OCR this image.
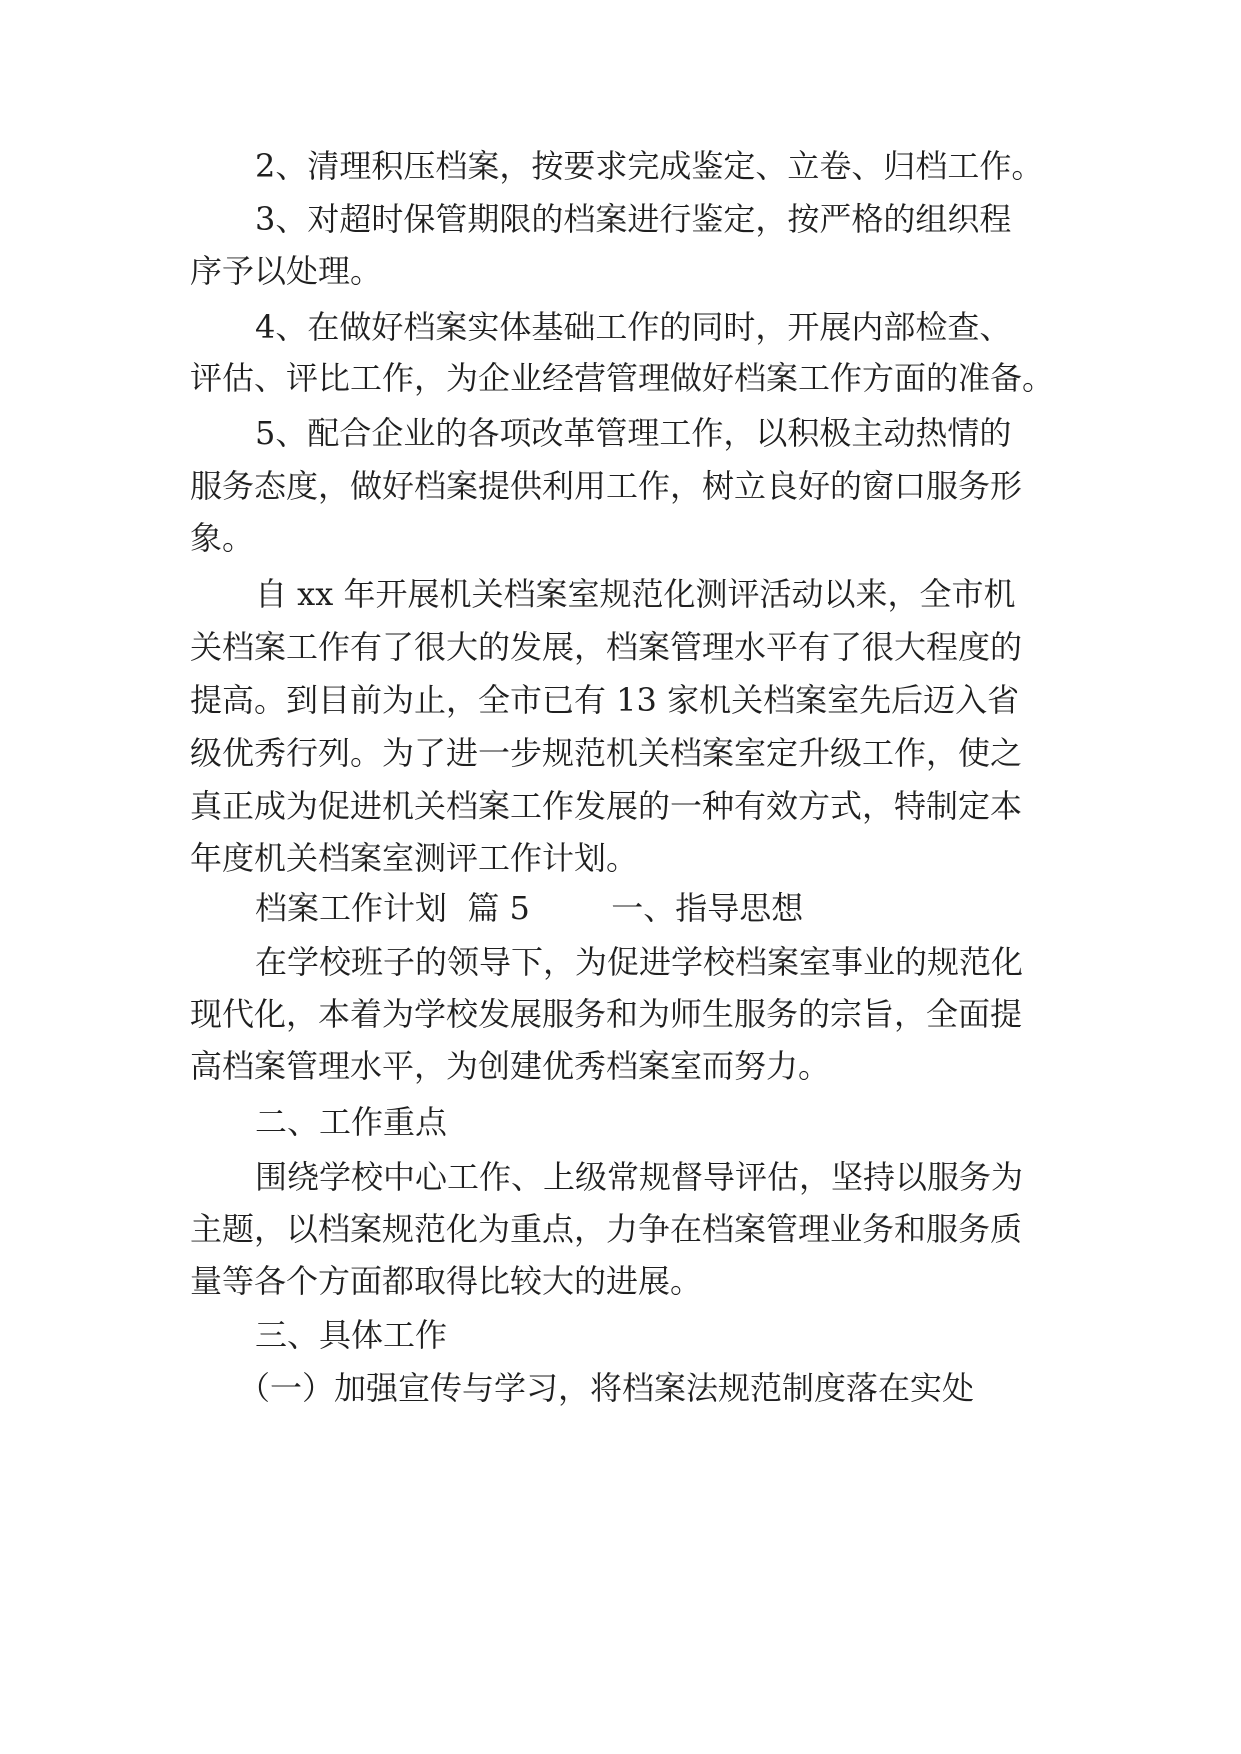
2、清理积压档案，按要求完成鉴定、立卷、归档工作。

3、对超时保管期限的档案进行鉴定，按严格的组织程

序予以处理。

4、在做好档案实体基础工作的同时，开展内部检查、

评估、评比工作，为企业经营管理做好档案工作方面的准备。

5、配合企业的各项改革管理工作，以积极主动热情的

服务态度，做好档案提供利用工作，树立良好的窗口服务形

象。

自 xx 年开展机关档案室规范化测评活动以来，全市机

关档案工作有了很大的发展，档案管理水平有了很大程度的

提高。到目前为止，全市已有 13 家机关档案室先后迈入省

级优秀行列。为了进一步规范机关档案室定升级工作，使之

真正成为促进机关档案工作发展的一种有效方式，特制定本

年度机关档案室测评工作计划。

档案工作计划  篇 5        一、指导思想

在学校班子的领导下，为促进学校档案室事业的规范化

现代化，本着为学校发展服务和为师生服务的宗旨，全面提

高档案管理水平，为创建优秀档案室而努力。

二、工作重点

围绕学校中心工作、上级常规督导评估，坚持以服务为

主题，以档案规范化为重点，力争在档案管理业务和服务质

量等各个方面都取得比较大的进展。

三、具体工作

（一）加强宣传与学习，将档案法规范制度落在实处
